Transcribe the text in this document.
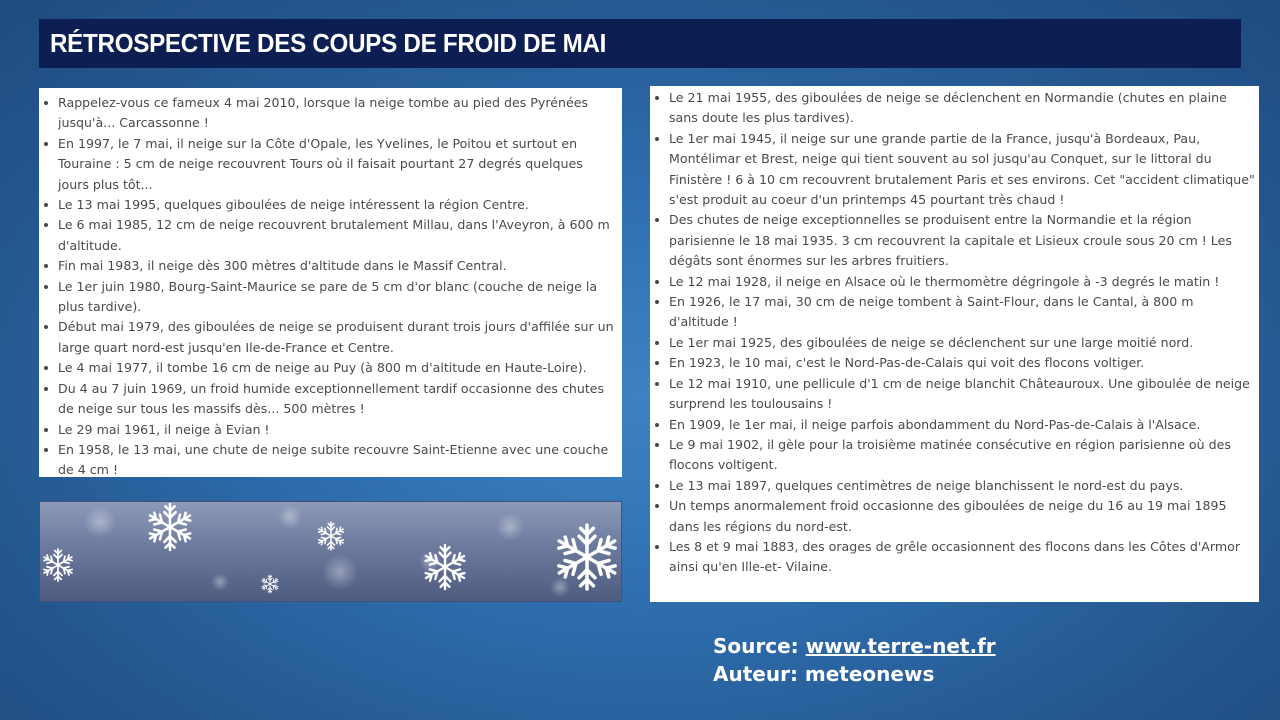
RÉTROSPECTIVE DES COUPS DE FROID DE MAI
Rappelez-vous ce fameux 4 mai 2010, lorsque la neige tombe au pied des Pyrénées jusqu'à... Carcassonne !
En 1997, le 7 mai, il neige sur la Côte d'Opale, les Yvelines, le Poitou et surtout en Touraine : 5 cm de neige recouvrent Tours où il faisait pourtant 27 degrés quelques jours plus tôt...
Le 13 mai 1995, quelques giboulées de neige intéressent la région Centre.
Le 6 mai 1985, 12 cm de neige recouvrent brutalement Millau, dans l'Aveyron, à 600 m d'altitude.
Fin mai 1983, il neige dès 300 mètres d'altitude dans le Massif Central.
Le 1er juin 1980, Bourg-Saint-Maurice se pare de 5 cm d'or blanc (couche de neige la plus tardive).
Début mai 1979, des giboulées de neige se produisent durant trois jours d'affilée sur un large quart nord-est jusqu'en Ile-de-France et Centre.
Le 4 mai 1977, il tombe 16 cm de neige au Puy (à 800 m d'altitude en Haute-Loire).
Du 4 au 7 juin 1969, un froid humide exceptionnellement tardif occasionne des chutes de neige sur tous les massifs dès... 500 mètres !
Le 29 mai 1961, il neige à Evian !
En 1958, le 13 mai, une chute de neige subite recouvre Saint-Etienne avec une couche de 4 cm !
Le 21 mai 1955, des giboulées de neige se déclenchent en Normandie (chutes en plaine sans doute les plus tardives).
Le 1er mai 1945, il neige sur une grande partie de la France, jusqu'à Bordeaux, Pau, Montélimar et Brest, neige qui tient souvent au sol jusqu'au Conquet, sur le littoral du Finistère ! 6 à 10 cm recouvrent brutalement Paris et ses environs. Cet "accident climatique" s'est produit au coeur d'un printemps 45 pourtant très chaud !
Des chutes de neige exceptionnelles se produisent entre la Normandie et la région parisienne le 18 mai 1935. 3 cm recouvrent la capitale et Lisieux croule sous 20 cm ! Les dégâts sont énormes sur les arbres fruitiers.
Le 12 mai 1928, il neige en Alsace où le thermomètre dégringole à -3 degrés le matin !
En 1926, le 17 mai, 30 cm de neige tombent à Saint-Flour, dans le Cantal, à 800 m d'altitude !
Le 1er mai 1925, des giboulées de neige se déclenchent sur une large moitié nord.
En 1923, le 10 mai, c'est le Nord-Pas-de-Calais qui voit des flocons voltiger.
Le 12 mai 1910, une pellicule d'1 cm de neige blanchit Châteauroux. Une giboulée de neige surprend les toulousains !
En 1909, le 1er mai, il neige parfois abondamment du Nord-Pas-de-Calais à l'Alsace.
Le 9 mai 1902, il gèle pour la troisième matinée consécutive en région parisienne où des flocons voltigent.
Le 13 mai 1897, quelques centimètres de neige blanchissent le nord-est du pays.
Un temps anormalement froid occasionne des giboulées de neige du 16 au 19 mai 1895 dans les régions du nord-est.
Les 8 et 9 mai 1883, des orages de grêle occasionnent des flocons dans les Côtes d'Armor ainsi qu'en Ille-et- Vilaine.
Source: www.terre-net.fr
Auteur: meteonews
